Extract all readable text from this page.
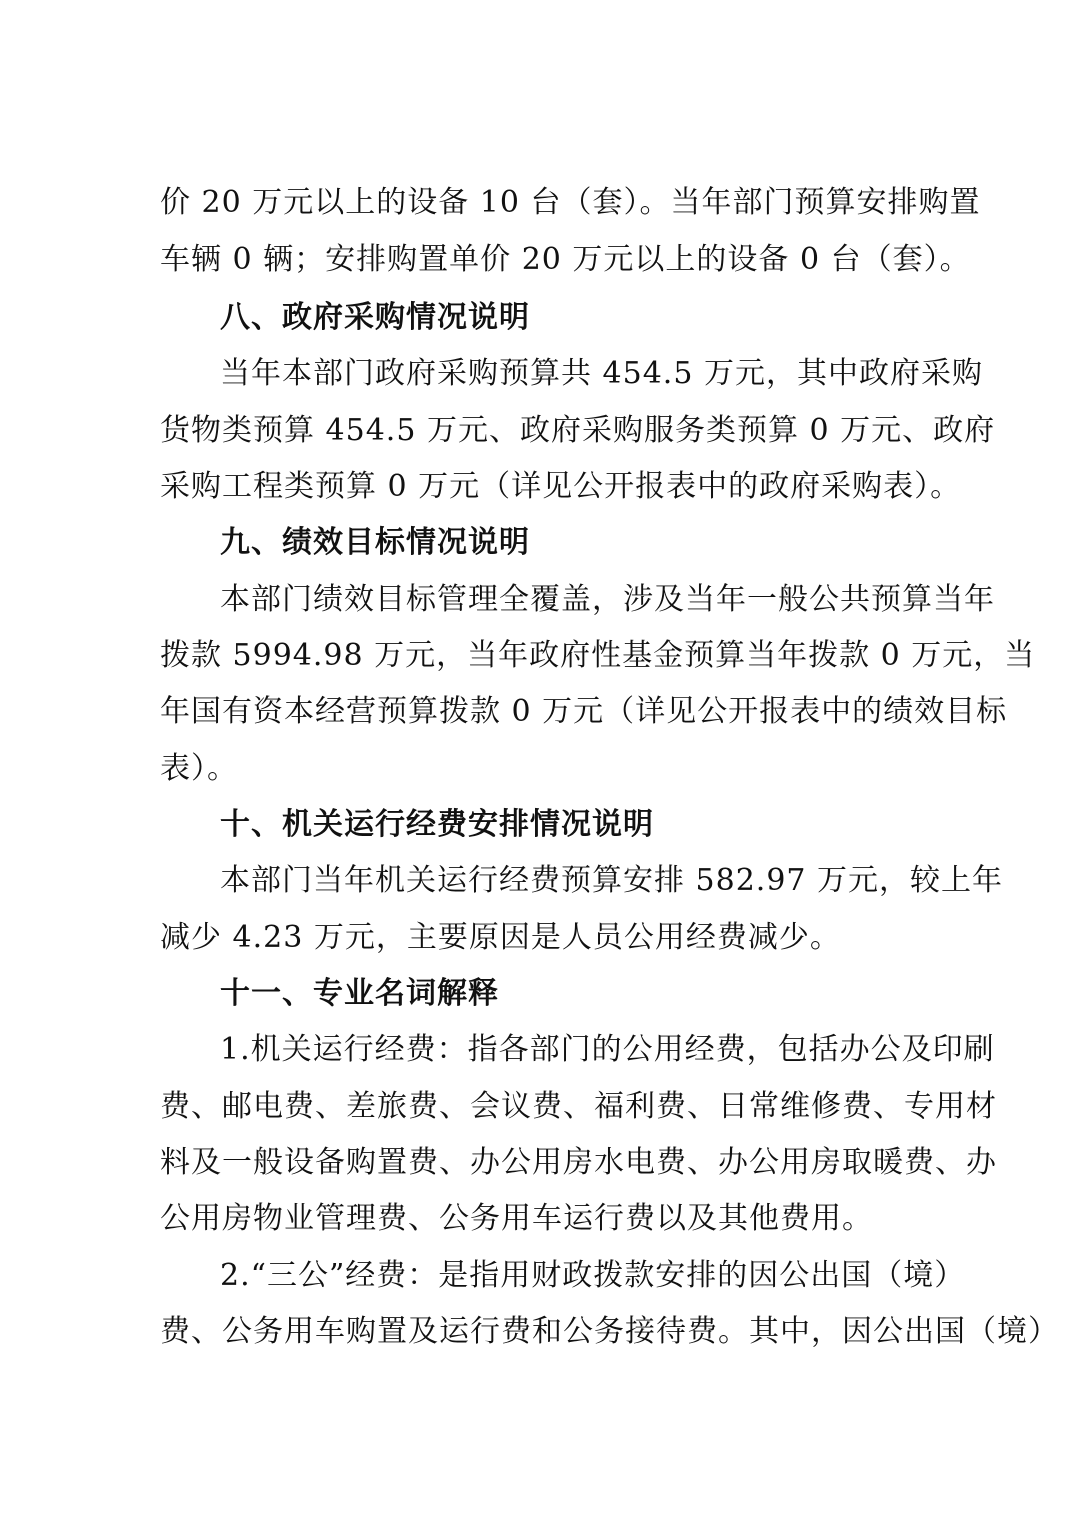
价 20 万元以上的设备 10 台（套）。当年部门预算安排购置
车辆 0 辆；安排购置单价 20 万元以上的设备 0 台（套）。
八、政府采购情况说明
当年本部门政府采购预算共 454.5 万元，其中政府采购
货物类预算 454.5 万元、政府采购服务类预算 0 万元、政府
采购工程类预算 0 万元（详见公开报表中的政府采购表）。
九、绩效目标情况说明
本部门绩效目标管理全覆盖，涉及当年一般公共预算当年
拨款 5994.98 万元，当年政府性基金预算当年拨款 0 万元，当
年国有资本经营预算拨款 0 万元（详见公开报表中的绩效目标
表）。
十、机关运行经费安排情况说明
本部门当年机关运行经费预算安排 582.97 万元，较上年
减少 4.23 万元，主要原因是人员公用经费减少。
十一、专业名词解释
1.机关运行经费：指各部门的公用经费，包括办公及印刷
费、邮电费、差旅费、会议费、福利费、日常维修费、专用材
料及一般设备购置费、办公用房水电费、办公用房取暖费、办
公用房物业管理费、公务用车运行费以及其他费用。
2.“三公”经费：是指用财政拨款安排的因公出国（境）
费、公务用车购置及运行费和公务接待费。其中，因公出国（境）
